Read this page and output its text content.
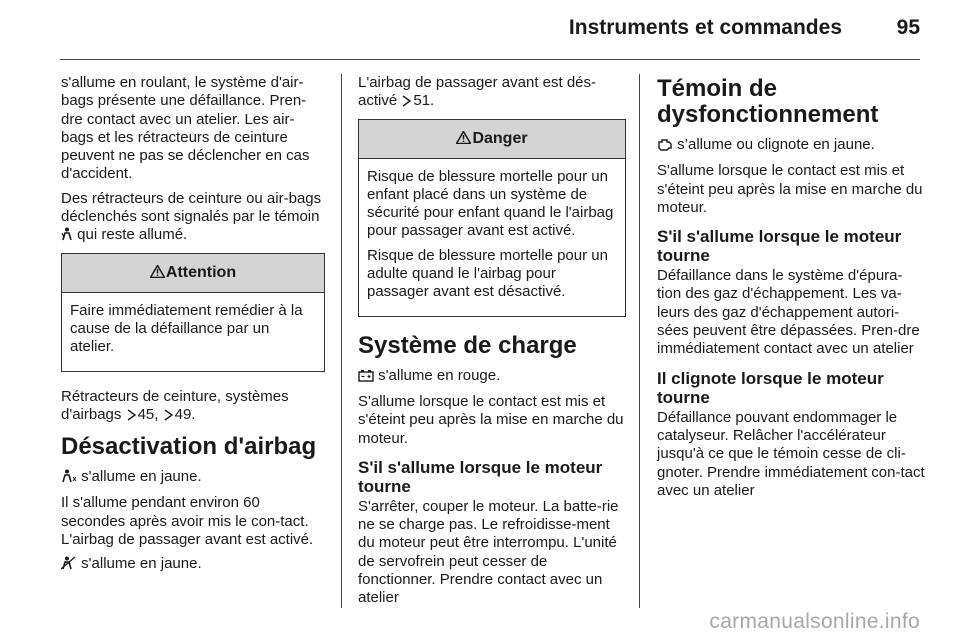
Instruments et commandes	95

s'allume en roulant, le système d'air-bags présente une défaillance. Pren-dre contact avec un atelier. Les air-bags et les rétracteurs de ceinture peuvent ne pas se déclencher en cas d'accident.

Des rétracteurs de ceinture ou air-bags déclenchés sont signalés par le témoin  qui reste allumé.

Attention

Faire immédiatement remédier à la cause de la défaillance par un atelier.

Rétracteurs de ceinture, systèmes d'airbags 45, 49.

Désactivation d'airbag

s'allume en jaune.

Il s'allume pendant environ 60 secondes après avoir mis le con-tact. L'airbag de passager avant est activé.

s'allume en jaune.

L'airbag de passager avant est dés-activé 51.

Danger

Risque de blessure mortelle pour un enfant placé dans un système de sécurité pour enfant quand le l'airbag pour passager avant est activé.

Risque de blessure mortelle pour un adulte quand le l'airbag pour passager avant est désactivé.

Système de charge

s'allume en rouge.

S'allume lorsque le contact est mis et s'éteint peu après la mise en marche du moteur.

S'il s'allume lorsque le moteur tourne

S'arrêter, couper le moteur. La batte-rie ne se charge pas. Le refroidisse-ment du moteur peut être interrompu. L'unité de servofrein peut cesser de fonctionner. Prendre contact avec un atelier

Témoin de dysfonctionnement

s’allume ou clignote en jaune.

S'allume lorsque le contact est mis et s'éteint peu après la mise en marche du moteur.

S'il s'allume lorsque le moteur tourne

Défaillance dans le système d'épura-tion des gaz d'échappement. Les va-leurs des gaz d'échappement autori-sées peuvent être dépassées. Pren-dre immédiatement contact avec un atelier

Il clignote lorsque le moteur tourne

Défaillance pouvant endommager le catalyseur. Relâcher l'accélérateur jusqu'à ce que le témoin cesse de cli-gnoter. Prendre immédiatement con-tact avec un atelier

carmanualsonline.info
